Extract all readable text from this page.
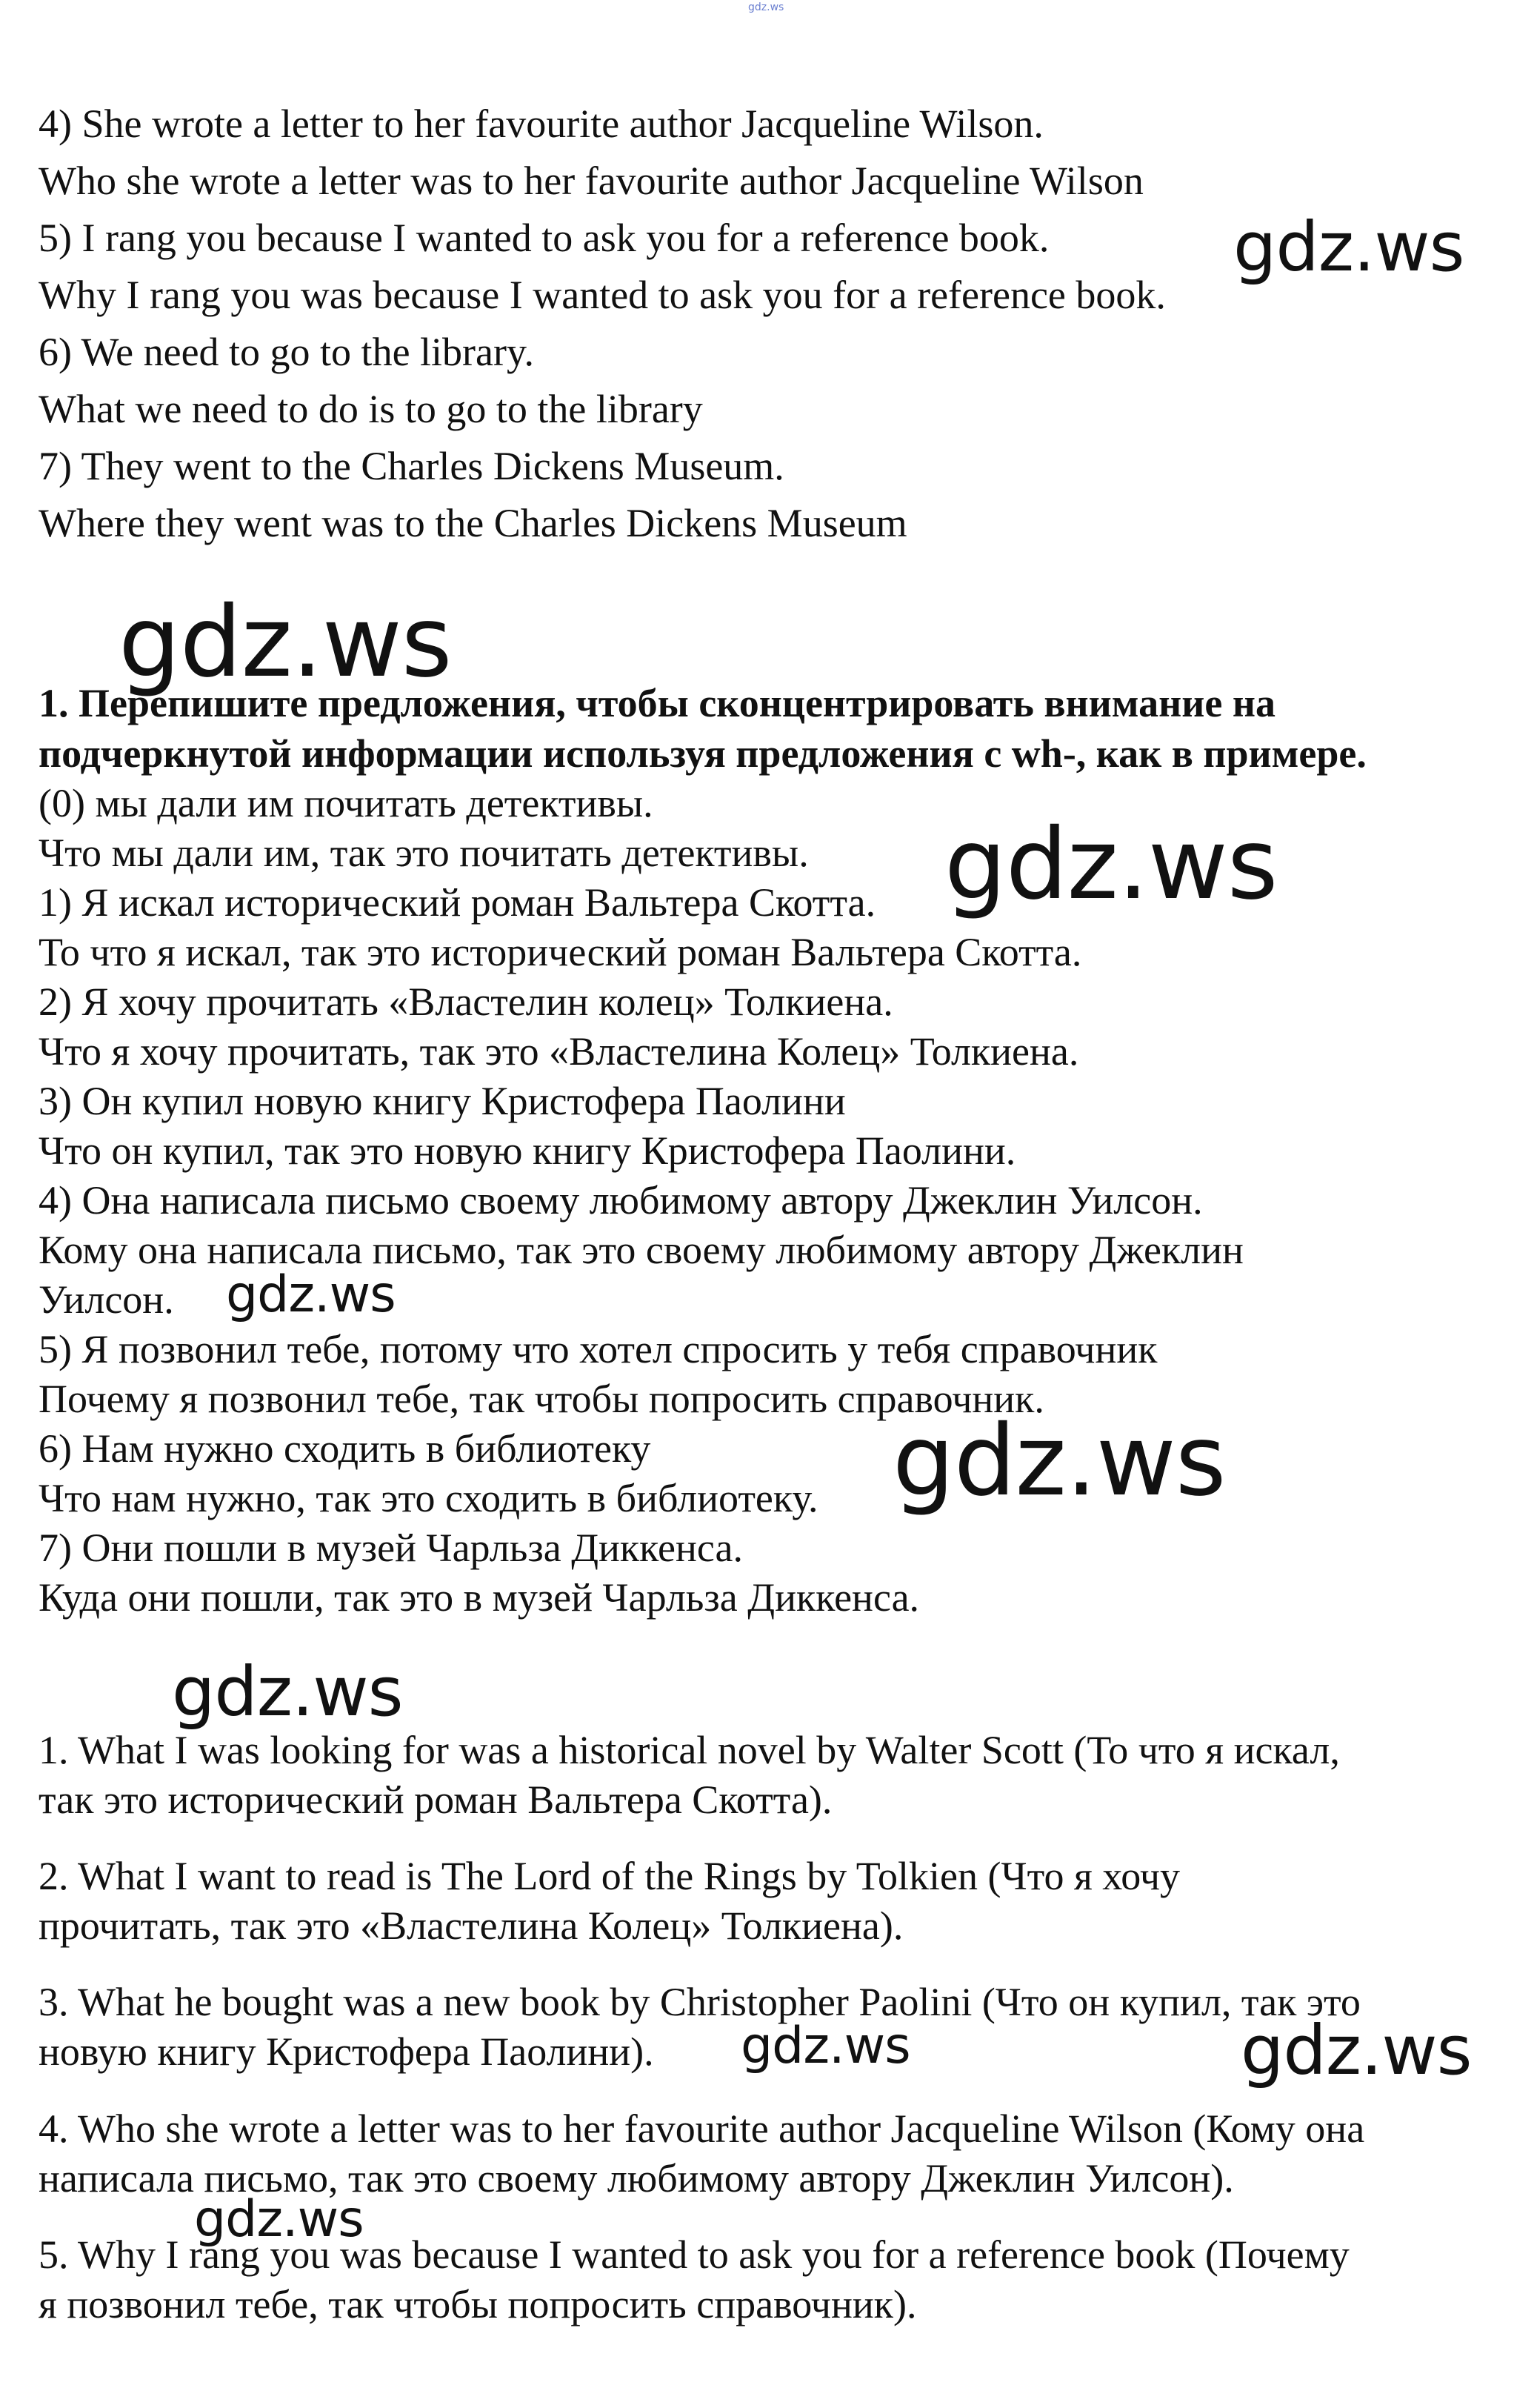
gdz.ws
4) She wrote a letter to her favourite author Jacqueline Wilson.
Who she wrote a letter was to her favourite author Jacqueline Wilson
5) I rang you because I wanted to ask you for a reference book.
Why I rang you was because I wanted to ask you for a reference book.
6) We need to go to the library.
What we need to do is to go to the library
7) They went to the Charles Dickens Museum.
Where they went was to the Charles Dickens Museum
1. Перепишите предложения, чтобы сконцентрировать внимание на
подчеркнутой информации используя предложения с wh-, как в примере.
(0) мы дали им почитать детективы.
Что мы дали им, так это почитать детективы.
1) Я искал исторический роман Вальтера Скотта.
То что я искал, так это исторический роман Вальтера Скотта.
2) Я хочу прочитать «Властелин колец» Толкиена.
Что я хочу прочитать, так это «Властелина Колец» Толкиена.
3) Он купил новую книгу Кристофера Паолини
Что он купил, так это новую книгу Кристофера Паолини.
4) Она написала письмо своему любимому автору Джеклин Уилсон.
Кому она написала письмо, так это своему любимому автору Джеклин
Уилсон.
5) Я позвонил тебе, потому что хотел спросить у тебя справочник
Почему я позвонил тебе, так чтобы попросить справочник.
6) Нам нужно сходить в библиотеку
Что нам нужно, так это сходить в библиотеку.
7) Они пошли в музей Чарльза Диккенса.
Куда они пошли, так это в музей Чарльза Диккенса.
1. What I was looking for was a historical novel by Walter Scott (То что я искал,
так это исторический роман Вальтера Скотта).
2. What I want to read is The Lord of the Rings by Tolkien (Что я хочу
прочитать, так это «Властелина Колец» Толкиена).
3. What he bought was a new book by Christopher Paolini (Что он купил, так это
новую книгу Кристофера Паолини).
4. Who she wrote a letter was to her favourite author Jacqueline Wilson (Кому она
написала письмо, так это своему любимому автору Джеклин Уилсон).
5. Why I rang you was because I wanted to ask you for a reference book (Почему
я позвонил тебе, так чтобы попросить справочник).
gdz.ws
gdz.ws
gdz.ws
gdz.ws
gdz.ws
gdz.ws
gdz.ws	gdz.ws
gdz.ws
